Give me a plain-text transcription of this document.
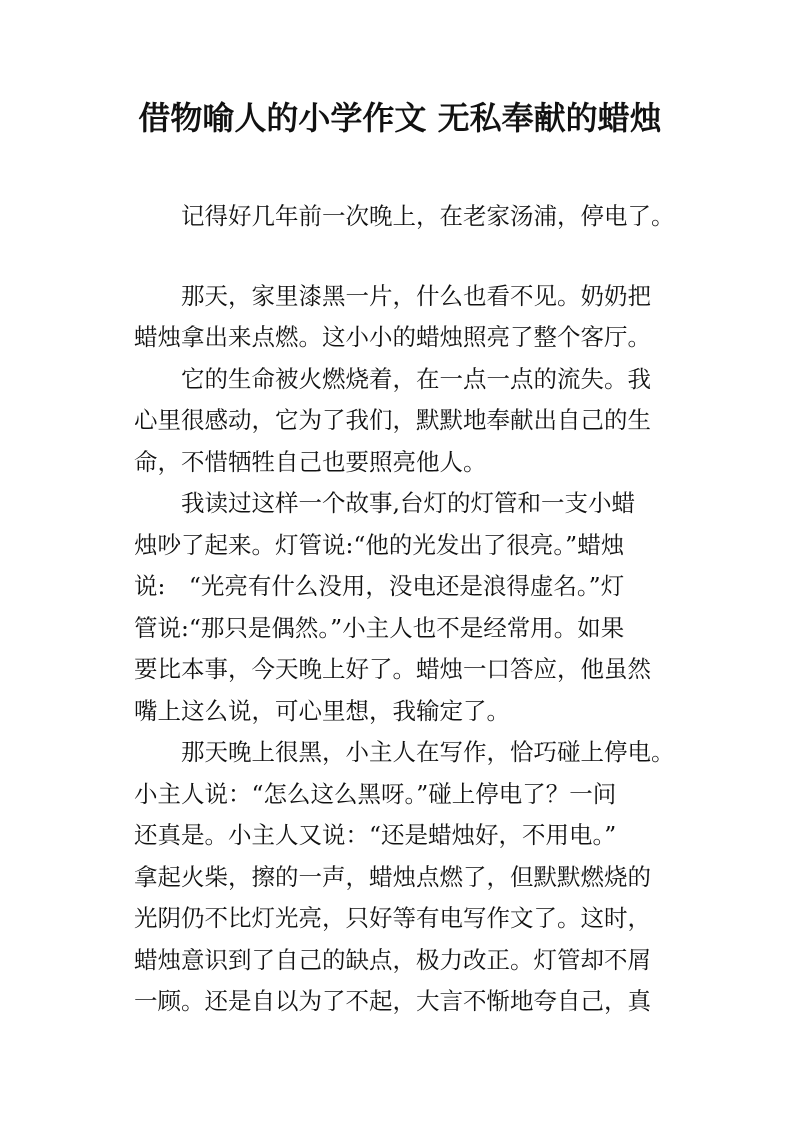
借物喻人的小学作文 无私奉献的蜡烛
记得好几年前一次晚上，在老家汤浦，停电了。
那天，家里漆黑一片，什么也看不见。奶奶把
蜡烛拿出来点燃。这小小的蜡烛照亮了整个客厅。
它的生命被火燃烧着，在一点一点的流失。我
心里很感动，它为了我们，默默地奉献出自己的生
命，不惜牺牲自己也要照亮他人。
我读过这样一个故事,台灯的灯管和一支小蜡
烛吵了起来。灯管说:“他的光发出了很亮。”蜡烛
说:　“光亮有什么没用，没电还是浪得虚名。”灯
管说:“那只是偶然。”小主人也不是经常用。如果
要比本事，今天晚上好了。蜡烛一口答应，他虽然
嘴上这么说，可心里想，我输定了。
那天晚上很黑，小主人在写作，恰巧碰上停电。
小主人说：“怎么这么黑呀。”碰上停电了？一问
还真是。小主人又说：“还是蜡烛好，不用电。”
拿起火柴，擦的一声，蜡烛点燃了，但默默燃烧的
光阴仍不比灯光亮，只好等有电写作文了。这时，
蜡烛意识到了自己的缺点，极力改正。灯管却不屑
一顾。还是自以为了不起，大言不惭地夸自己，真
